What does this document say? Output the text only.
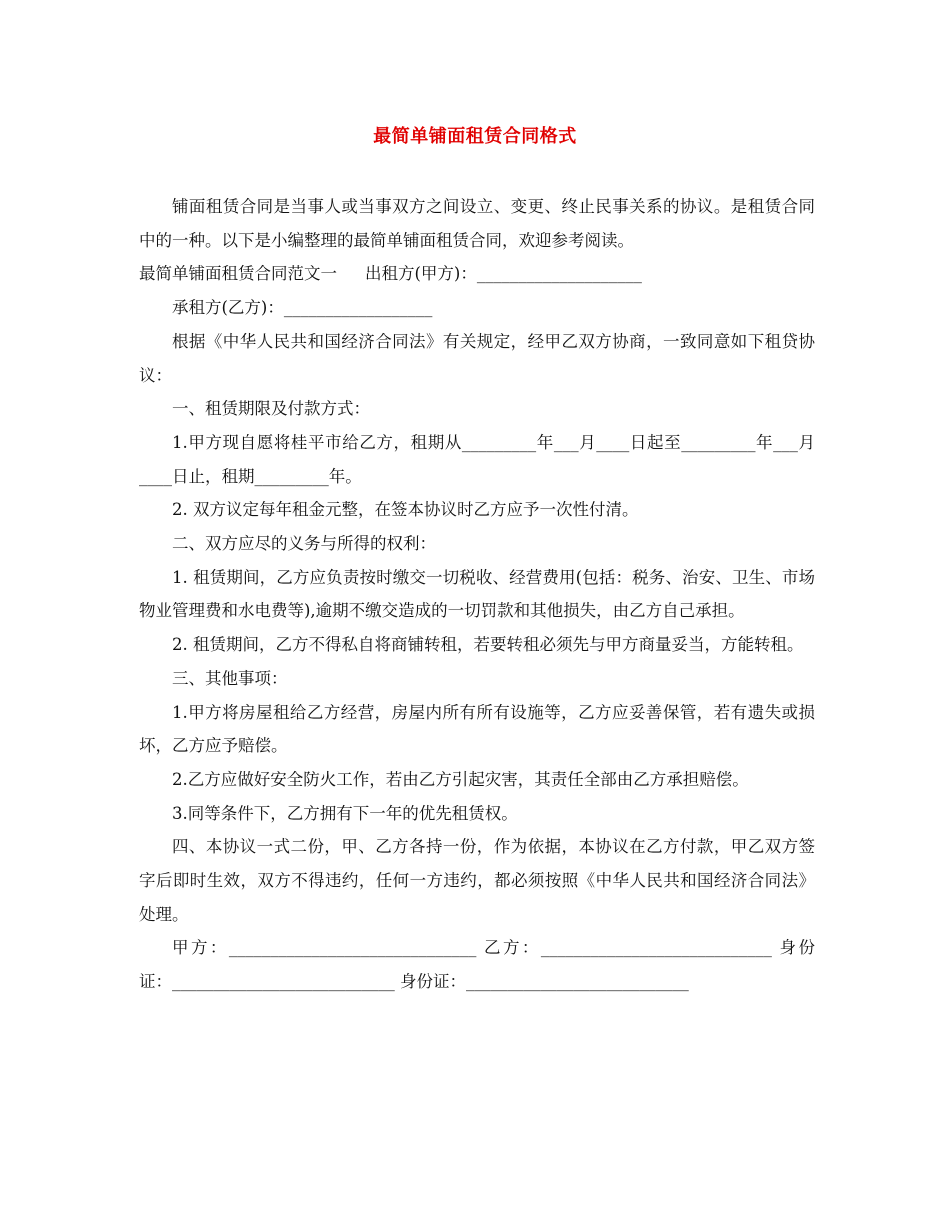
最简单铺面租赁合同格式

铺面租赁合同是当事人或当事双方之间设立、变更、终止民事关系的协议。是租赁合同中的一种。以下是小编整理的最简单铺面租赁合同，欢迎参考阅读。

最简单铺面租赁合同范文一 出租方(甲方)：____________________

承租方(乙方)：__________________

根据《中华人民共和国经济合同法》有关规定，经甲乙双方协商，一致同意如下租贷协议：

一、租赁期限及付款方式：

1.甲方现自愿将桂平市给乙方，租期从_________年___月____日起至_________年___月____日止，租期_________年。

2. 双方议定每年租金元整，在签本协议时乙方应予一次性付清。

二、双方应尽的义务与所得的权利：

1. 租赁期间，乙方应负责按时缴交一切税收、经营费用(包括：税务、治安、卫生、市场物业管理费和水电费等),逾期不缴交造成的一切罚款和其他损失，由乙方自己承担。

2. 租赁期间，乙方不得私自将商铺转租，若要转租必须先与甲方商量妥当，方能转租。

三、其他事项：

1.甲方将房屋租给乙方经营，房屋内所有所有设施等，乙方应妥善保管，若有遗失或损坏，乙方应予赔偿。

2.乙方应做好安全防火工作，若由乙方引起灾害，其责任全部由乙方承担赔偿。

3.同等条件下，乙方拥有下一年的优先租赁权。

四、本协议一式二份，甲、乙方各持一份，作为依据，本协议在乙方付款，甲乙双方签字后即时生效，双方不得违约，任何一方违约，都必须按照《中华人民共和国经济合同法》处理。

甲方：______________________________ 乙方：____________________________ 身份证：___________________________ 身份证：___________________________
